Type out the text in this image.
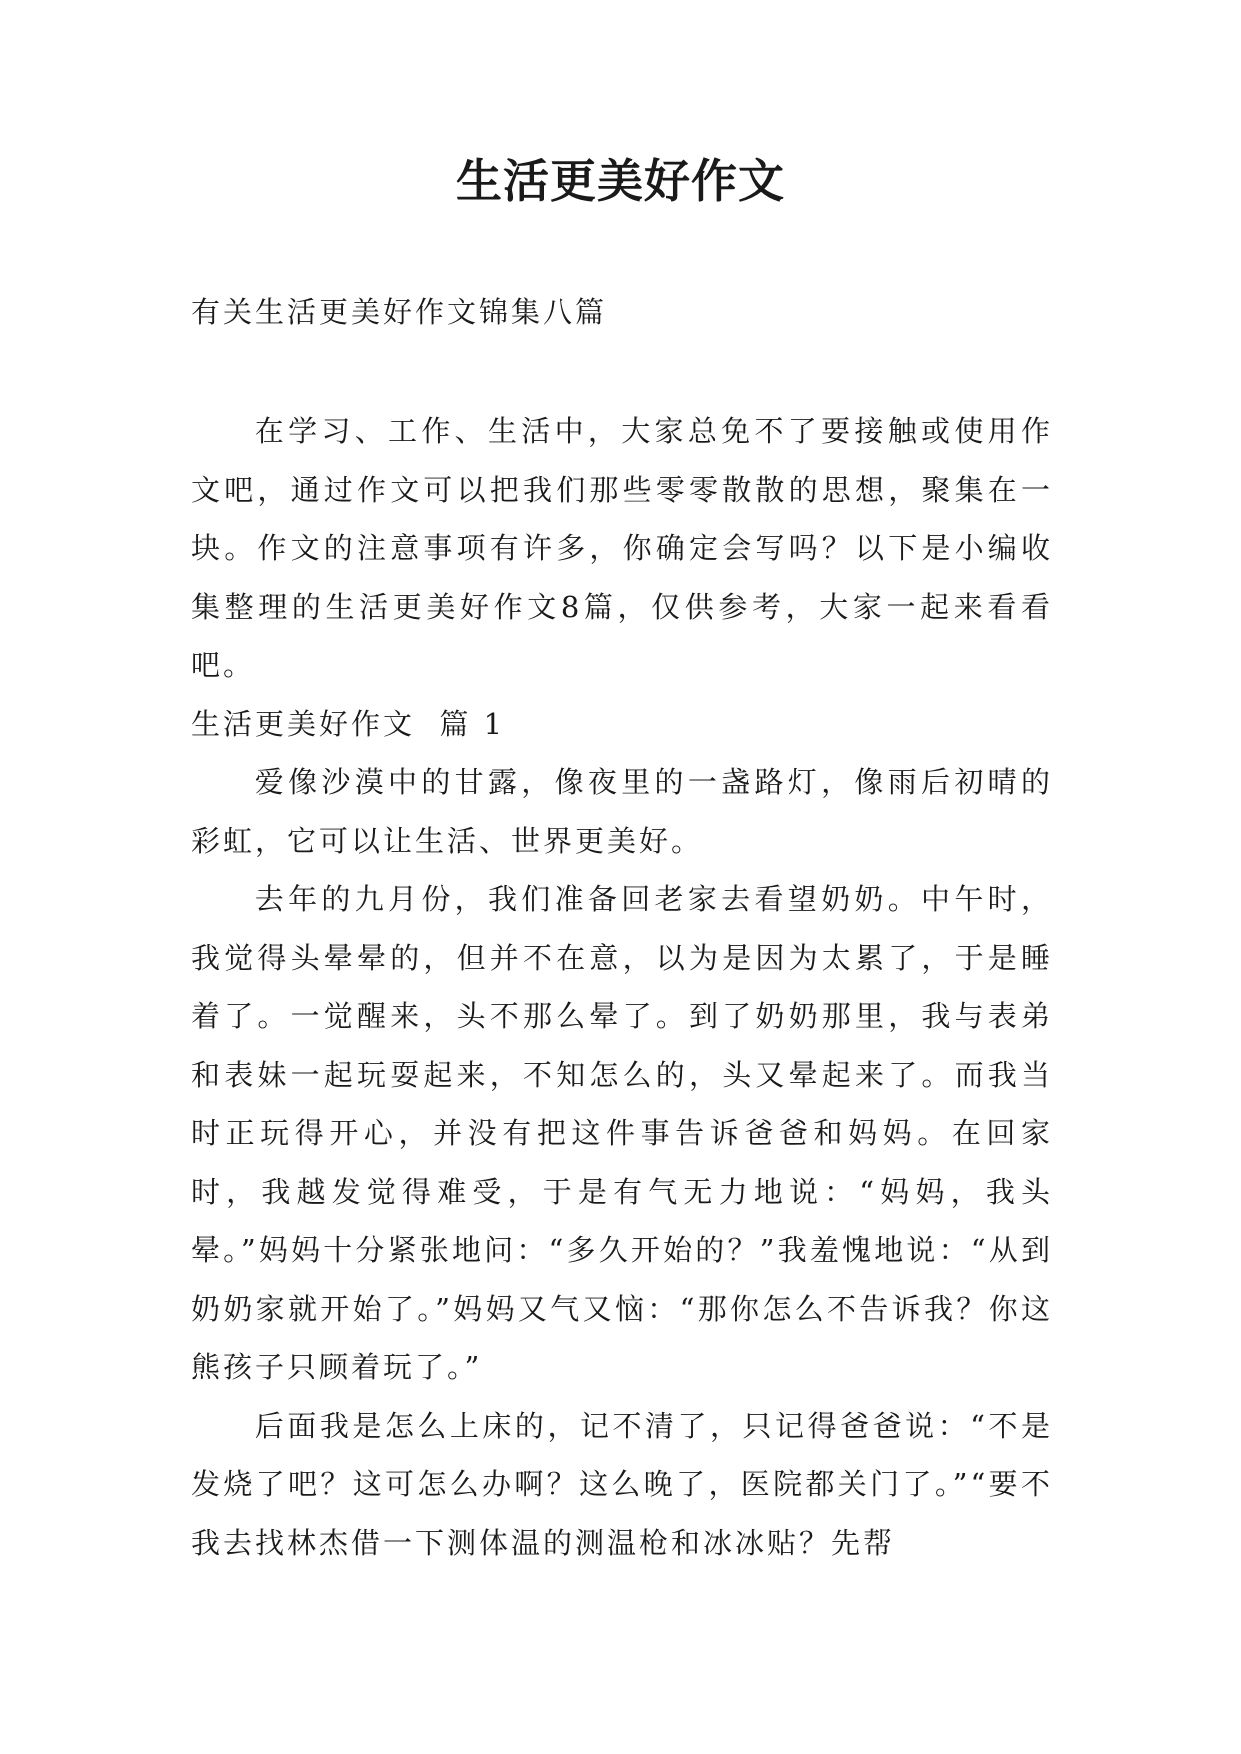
生活更美好作文
有关生活更美好作文锦集八篇

在学习、工作、生活中，大家总免不了要接触或使用作文吧，通过作文可以把我们那些零零散散的思想，聚集在一块。作文的注意事项有许多，你确定会写吗？以下是小编收集整理的生活更美好作文8篇，仅供参考，大家一起来看看吧。

生活更美好作文  篇 1

爱像沙漠中的甘露，像夜里的一盏路灯，像雨后初晴的彩虹，它可以让生活、世界更美好。

去年的九月份，我们准备回老家去看望奶奶。中午时，我觉得头晕晕的，但并不在意，以为是因为太累了，于是睡着了。一觉醒来，头不那么晕了。到了奶奶那里，我与表弟和表妹一起玩耍起来，不知怎么的，头又晕起来了。而我当时正玩得开心，并没有把这件事告诉爸爸和妈妈。在回家时，我越发觉得难受，于是有气无力地说：“妈妈，我头晕。”妈妈十分紧张地问：“多久开始的？”我羞愧地说：“从到奶奶家就开始了。”妈妈又气又恼：“那你怎么不告诉我？你这熊孩子只顾着玩了。”

后面我是怎么上床的，记不清了，只记得爸爸说：“不是发烧了吧？这可怎么办啊？这么晚了，医院都关门了。”“要不我去找林杰借一下测体温的测温枪和冰冰贴？先帮
